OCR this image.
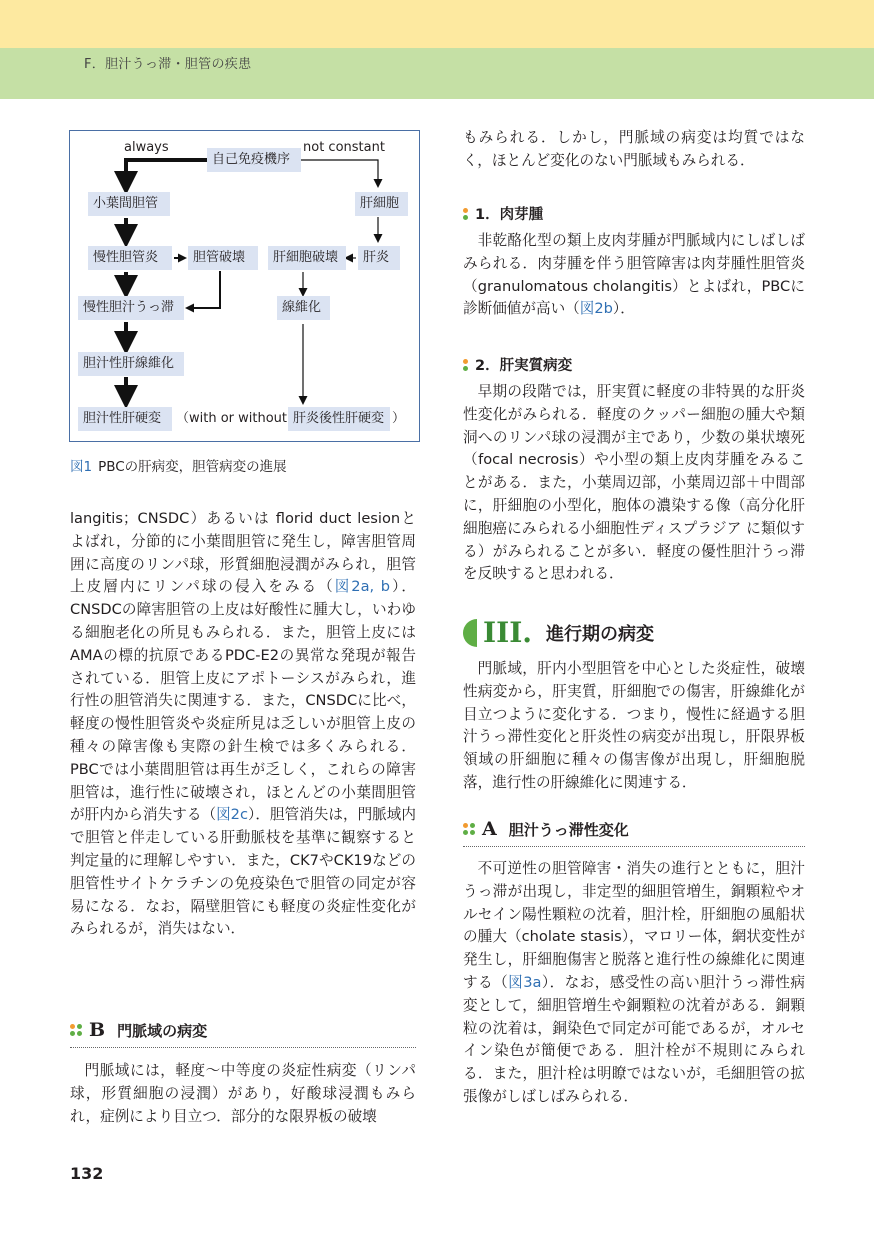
F．胆汁うっ滞・胆管の疾患
always	not constant
自己免疫機序
小葉間胆管	肝細胞
慢性胆管炎	胆管破壊	肝細胞破壊	肝炎
慢性胆汁うっ滞	線維化
胆汁性肝線維化
胆汁性肝硬変	（with or without 肝炎後性肝硬変 ）
図1 PBCの肝病変，胆管病変の進展
langitis；CNSDC）あるいは florid duct lesionとよばれ，分節的に小葉間胆管に発生し，障害胆管周囲に高度のリンパ球，形質細胞浸潤がみられ，胆管上皮層内にリンパ球の侵入をみる（図2a, b）．CNSDCの障害胆管の上皮は好酸性に腫大し，いわゆる細胞老化の所見もみられる．また，胆管上皮にはAMAの標的抗原であるPDC-E2の異常な発現が報告されている．胆管上皮にアポトーシスがみられ，進行性の胆管消失に関連する．また，CNSDCに比べ，軽度の慢性胆管炎や炎症所見は乏しいが胆管上皮の種々の障害像も実際の針生検では多くみられる．PBCでは小葉間胆管は再生が乏しく，これらの障害胆管は，進行性に破壊され，ほとんどの小葉間胆管が肝内から消失する（図2c）．胆管消失は，門脈域内で胆管と伴走している肝動脈枝を基準に観察すると判定量的に理解しやすい．また，CK7やCK19などの胆管性サイトケラチンの免疫染色で胆管の同定が容易になる．なお，隔壁胆管にも軽度の炎症性変化がみられるが，消失はない．
B 門脈域の病変
門脈域には，軽度〜中等度の炎症性病変（リンパ球，形質細胞の浸潤）があり，好酸球浸潤もみられ，症例により目立つ．部分的な限界板の破壊
もみられる．しかし，門脈域の病変は均質ではなく，ほとんど変化のない門脈域もみられる．
1．肉芽腫
非乾酪化型の類上皮肉芽腫が門脈域内にしばしばみられる．肉芽腫を伴う胆管障害は肉芽腫性胆管炎（granulomatous cholangitis）とよばれ，PBCに診断価値が高い（図2b）．
2．肝実質病変
早期の段階では，肝実質に軽度の非特異的な肝炎性変化がみられる．軽度のクッパー細胞の腫大や類洞へのリンパ球の浸潤が主であり，少数の巣状壊死（focal necrosis）や小型の類上皮肉芽腫をみることがある．また，小葉周辺部，小葉周辺部＋中間部に，肝細胞の小型化，胞体の濃染する像（高分化肝細胞癌にみられる小細胞性ディスプラジア に類似する）がみられることが多い．軽度の優性胆汁うっ滞を反映すると思われる．
III. 進行期の病変
門脈域，肝内小型胆管を中心とした炎症性，破壊性病変から，肝実質，肝細胞での傷害，肝線維化が目立つように変化する．つまり，慢性に経過する胆汁うっ滞性変化と肝炎性の病変が出現し，肝限界板領域の肝細胞に種々の傷害像が出現し，肝細胞脱落，進行性の肝線維化に関連する．
A 胆汁うっ滞性変化
不可逆性の胆管障害・消失の進行とともに，胆汁うっ滞が出現し，非定型的細胆管増生，銅顆粒やオルセイン陽性顆粒の沈着，胆汁栓，肝細胞の風船状の腫大（cholate stasis），マロリー体，網状変性が発生し，肝細胞傷害と脱落と進行性の線維化に関連する（図3a）．なお，感受性の高い胆汁うっ滞性病変として，細胆管増生や銅顆粒の沈着がある．銅顆粒の沈着は，銅染色で同定が可能であるが，オルセイン染色が簡便である．胆汁栓が不規則にみられる．また，胆汁栓は明瞭ではないが，毛細胆管の拡張像がしばしばみられる．
132
